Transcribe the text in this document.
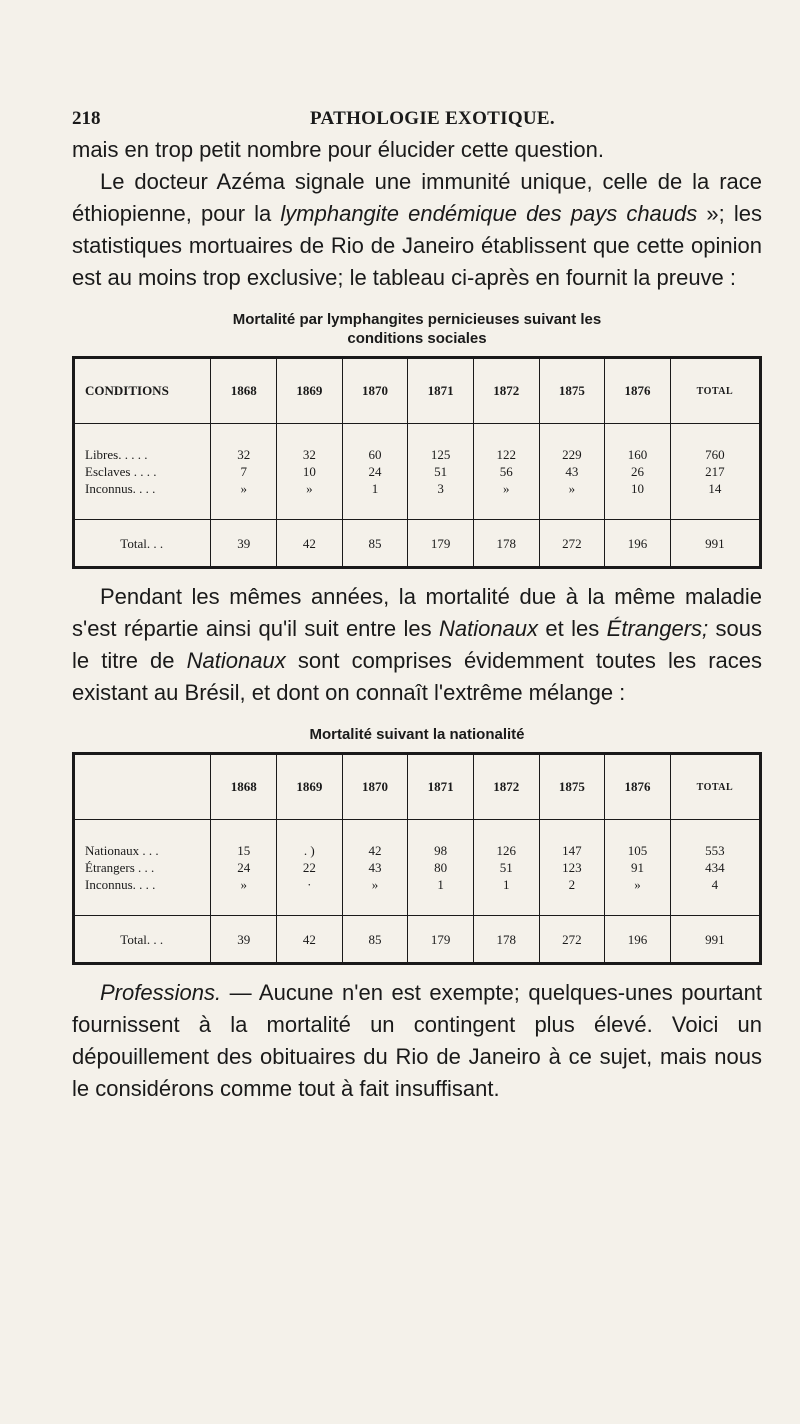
218	PATHOLOGIE EXOTIQUE.

mais en trop petit nombre pour élucider cette question.

Le docteur Azéma signale une immunité unique, celle de la race éthiopienne, pour la lymphangite endémique des pays chauds »; les statistiques mortuaires de Rio de Janeiro établissent que cette opinion est au moins trop exclusive; le tableau ci-après en fournit la preuve :

Mortalité par lymphangites pernicieuses suivant les
conditions sociales
CONDITIONS	1868	1869	1870	1871	1872	1875	1876	TOTAL
Libres. . . . .	32	32	60	125	122	229	160	760
Esclaves . . . .	7	10	24	51	56	43	26	217
Inconnus. . . .	»	»	1	3	»	»	10	14
Total. . .	39	42	85	179	178	272	196	991

Pendant les mêmes années, la mortalité due à la même maladie s'est répartie ainsi qu'il suit entre les Nationaux et les Étrangers; sous le titre de Nationaux sont comprises évidemment toutes les races existant au Brésil, et dont on connaît l'extrême mélange :

Mortalité suivant la nationalité
	1868	1869	1870	1871	1872	1875	1876	TOTAL
Nationaux . . .	15	. )	42	98	126	147	105	553
Étrangers . . .	24	22	43	80	51	123	91	434
Inconnus. . . .	»	·	»	1	1	2	»	4
Total. . .	39	42	85	179	178	272	196	991

Professions. — Aucune n'en est exempte; quelques-unes pourtant fournissent à la mortalité un contingent plus élevé. Voici un dépouillement des obituaires du Rio de Janeiro à ce sujet, mais nous le considérons comme tout à fait insuffisant.
